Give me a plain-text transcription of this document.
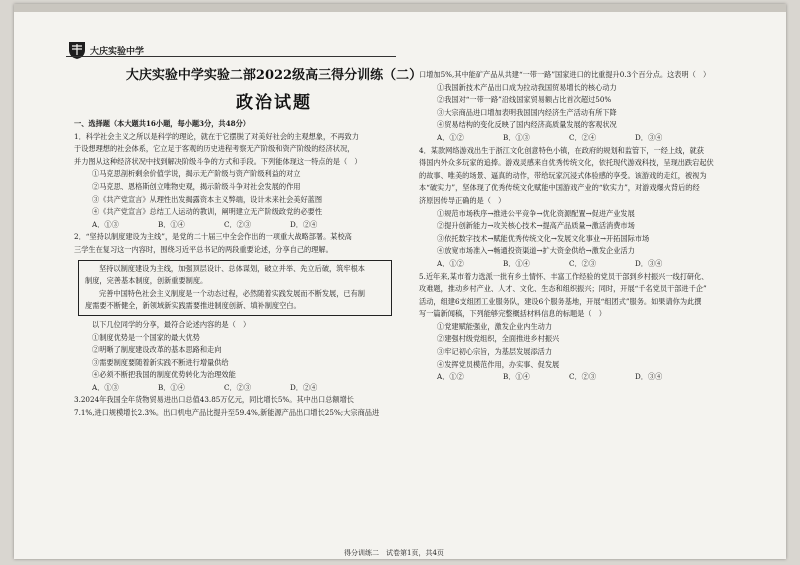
大庆实验中学
大庆实验中学实验二部2022级高三得分训练（二）
政治试题

一、选择题（本大题共16小题，每小题3分，共48分）

1．科学社会主义之所以是科学的理论，就在于它摆脱了对美好社会的主观想象，不再致力

于设想理想的社会体系，它立足于客观的历史进程考察无产阶级和资产阶级的经济状况，

并力图从这种经济状况中找到解决阶级斗争的方式和手段。下列能体现这一特点的是（　）

①马克思剖析剩余价值学说，揭示无产阶级与资产阶级利益的对立

②马克思、恩格斯创立唯物史观，揭示阶级斗争对社会发展的作用

③《共产党宣言》从理性出发揭露资本主义弊端，设计未来社会美好蓝图

④《共产党宣言》总结工人运动的教训，阐明建立无产阶级政党的必要性

A．①③	B．①④	C．②③	D．②④

2．“坚持以制度建设为主线”，是党的二十届三中全会作出的一项重大战略部署。某校高

三学生在复习这一内容时，围绕习近平总书记的两段重要论述，分享自己的理解。

坚持以制度建设为主线，加强顶层设计、总体谋划，破立并举、先立后破，筑牢根本

制度，完善基本制度，创新重要制度。

完善中国特色社会主义制度是一个动态过程，必然随着实践发展而不断发展，已有制

度需要不断健全，新领域新实践需要推进制度创新、填补制度空白。

以下几位同学的分享，最符合论述内容的是（　）

①制度优势是一个国家的最大优势

②明晰了制度建设改革的基本思路和走向

③需要制度要随着新实践不断进行增量供给

④必须不断把我国的制度优势转化为治理效能

A．①③	B．①④	C．②③	D．②④

3.2024年我国全年货物贸易进出口总值43.85万亿元，同比增长5%。其中出口总额增长

7.1%,进口规模增长2.3%。出口机电产品比提升至59.4%,新能源产品出口增长25%;大宗商品进

口增加5%,其中能矿产品从共建“一带一路”国家进口的比重提升0.3个百分点。这表明（　）

①我国新技术产品出口成为拉动我国贸易增长的核心动力

②我国对“一带一路”沿线国家贸易额占比首次超过50%

③大宗商品进口增加表明我国国内经济生产活动有所下降

④贸易结构的变化反映了国内经济高质量发展的客观状况

A．①②	B．①③	C．②④	D．③④

4．某款网络游戏出生于浙江文化创意特色小镇，在政府的规划和监管下，一经上线，就获

得国内外众多玩家的追捧。游戏灵感来自优秀传统文化，依托现代游戏科技，呈现出跌宕起伏

的故事、唯美的场景、逼真的动作，带给玩家沉浸式体验感的享受。该游戏的走红，被视为

本“破实力”，坚体现了优秀传统文化赋能中国游戏产业的“软实力”，对游戏爆火背后的经

济原因传导正确的是（　）

①规范市场秩序→推进公平竞争→优化资源配置→促进产业发展

②提升创新能力→攻关核心技术→提高产品质量→激活消费市场

③依托数字技术→赋能优秀传统文化→发展文化事业→开拓国际市场

④放宽市场准入→畅通投资渠道→扩大资金供给→激发企业活力

A．①②	B．①④	C．②③	D．③④

5.近年来,某市着力选派一批有乡土情怀、丰富工作经验的党员干部到乡村振兴一线打研化、

攻难题，推动乡村产业、人才、文化、生态和组织振兴；同时，开展“千名党员干部进千企”

活动，组建6支组团工业服务队，建设6个服务基地，开展“组团式”服务。如果请你为此撰

写一篇新闻稿，下列能够完整概括材料信息的标题是（　）

①党建赋能强业，激发企业内生动力

②建强村级党组织，全面推进乡村振兴

③牢记初心宗旨，为基层发展添活力

④发挥党员模范作用，办实事、促发展

A．①②	B．①④	C．②③	D．③④

得分训练二　试卷第1页，共4页
